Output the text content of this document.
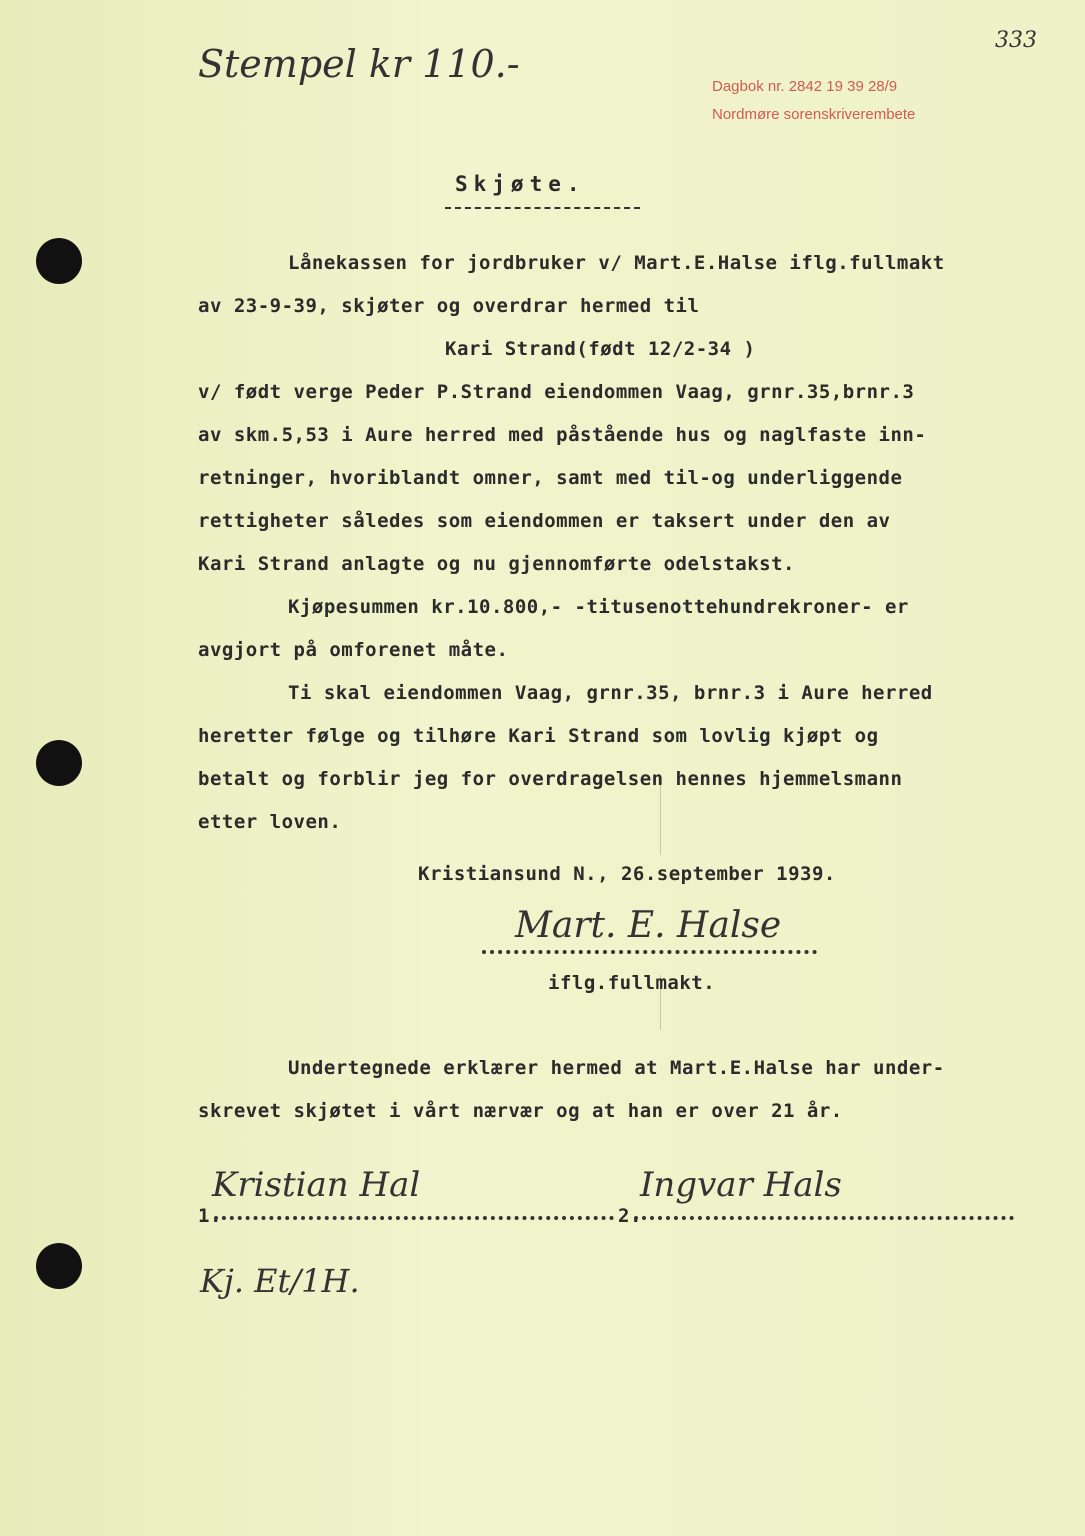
Stempel kr 110.-
333
Dagbok nr. 2842 19 39 28/9
Nordmøre sorenskriverembete
Skjøte.
Lånekassen for jordbruker v/ Mart.E.Halse iflg.fullmakt
av 23-9-39, skjøter og overdrar hermed til
Kari Strand(født 12/2-34 )
v/ født verge Peder P.Strand eiendommen Vaag, grnr.35,brnr.3
av skm.5,53 i Aure herred med påstående hus og naglfaste inn-
retninger, hvoriblandt omner, samt med til-og underliggende
rettigheter således som eiendommen er taksert under den av
Kari Strand anlagte og nu gjennomførte odelstakst.
Kjøpesummen kr.10.800,- -titusenottehundrekroner- er
avgjort på omforenet måte.
Ti skal eiendommen Vaag, grnr.35, brnr.3 i Aure herred
heretter følge og tilhøre Kari Strand som lovlig kjøpt og
betalt og forblir jeg for overdragelsen hennes hjemmelsmann
etter loven.
Kristiansund N., 26.september 1939.
Mart. E. Halse
iflg.fullmakt.
Undertegnede erklærer hermed at Mart.E.Halse har under-
skrevet skjøtet i vårt nærvær og at han er over 21 år.
Kristian Hal	Ingvar Hals
1.	2.
Kj. Et/1H.
